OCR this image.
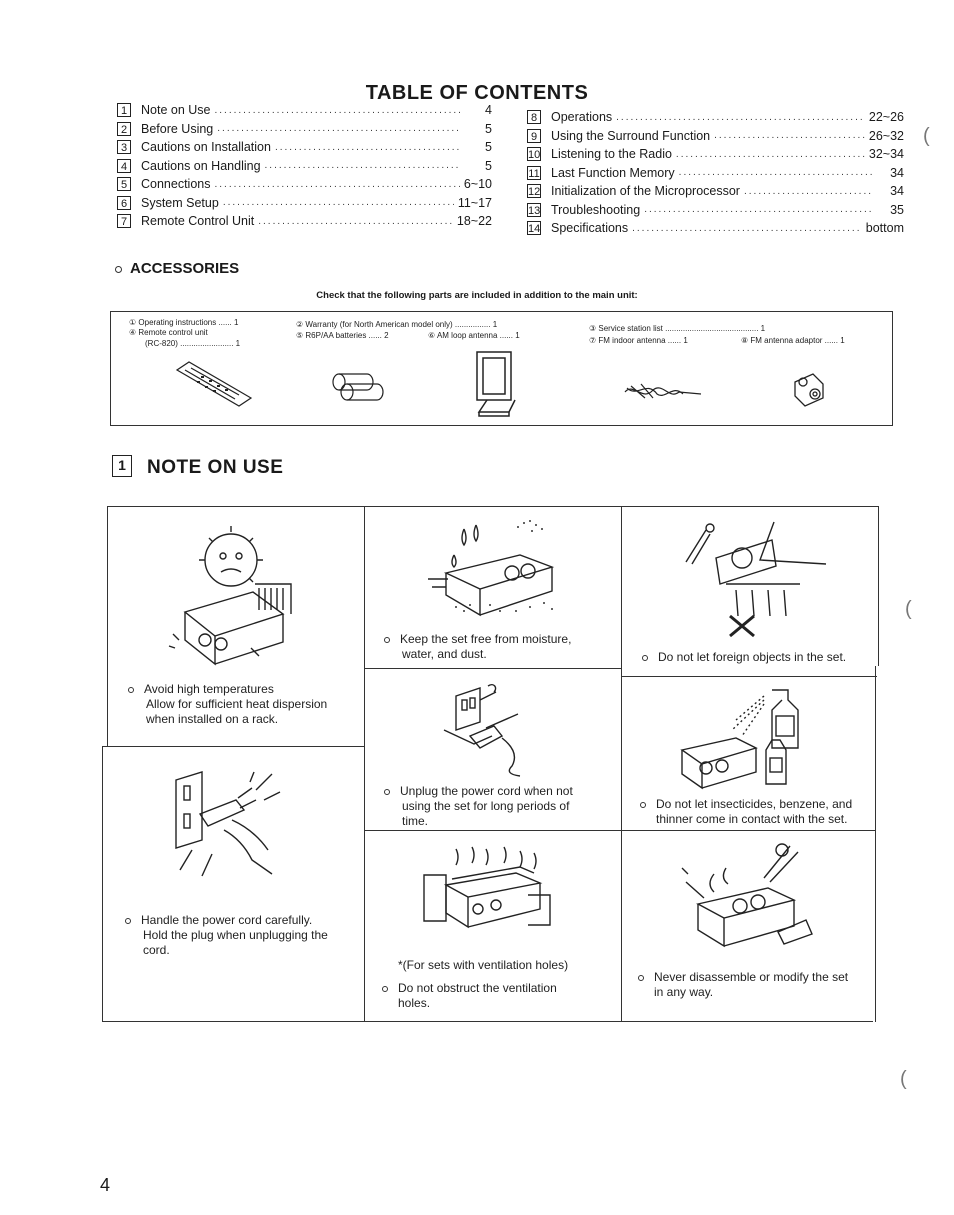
TABLE OF CONTENTS
1	Note on Use .....	4
2	Before Using .....	5
3	Cautions on Installation .....	5
4	Cautions on Handling .....	5
5	Connections .....	6~10
6	System Setup .....	11~17
7	Remote Control Unit .....	18~22
8	Operations .....	22~26
9	Using the Surround Function .....	26~32
10 Listening to the Radio .....	32~34
11 Last Function Memory .....	34
12 Initialization of the Microprocessor .....	34
13 Troubleshooting .....	35
14 Specifications .....	bottom
ACCESSORIES
Check that the following parts are included in addition to the main unit:
① Operating instructions ...... 1
④ Remote control unit
(RC-820) ........................ 1
② Warranty (for North American model only) ................ 1
⑤ R6P/AA batteries ...... 2	⑥ AM loop antenna ...... 1
③ Service station list .......................................... 1
⑦ FM indoor antenna ...... 1	⑧ FM antenna adaptor ...... 1
1	NOTE ON USE
Avoid high temperatures
Allow for sufficient heat dispersion
when installed on a rack.
Handle the power cord carefully.
Hold the plug when unplugging the
cord.
Keep the set free from moisture,
water, and dust.
Unplug the power cord when not
using the set for long periods of
time.
*(For sets with ventilation holes)
Do not obstruct the ventilation
holes.
Do not let foreign objects in the set.
Do not let insecticides, benzene, and
thinner come in contact with the set.
Never disassemble or modify the set
in any way.
(
(
(
4
